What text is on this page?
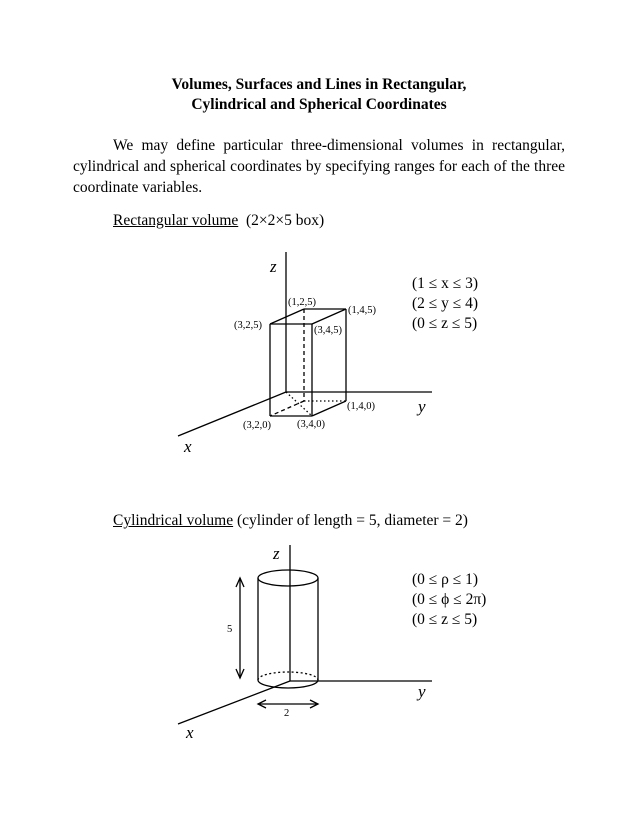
Volumes, Surfaces and Lines in Rectangular,
Cylindrical and Spherical Coordinates
We may define particular three-dimensional volumes in rectangular, cylindrical and spherical coordinates by specifying ranges for each of the three coordinate variables.
Rectangular volume (2×2×5 box)
Cylindrical volume (cylinder of length = 5, diameter = 2)
z
y
x
(1,2,5)
(1,4,5)
(3,2,5)	(3,4,5)
(1,4,0)
(3,2,0) (3,4,0)
(1 ≤ x ≤ 3)
(2 ≤ y ≤ 4)
(0 ≤ z ≤ 5)
z
y
x
5
2
(0 ≤ ρ ≤ 1)
(0 ≤ ϕ ≤ 2π)
(0 ≤ z ≤ 5)
